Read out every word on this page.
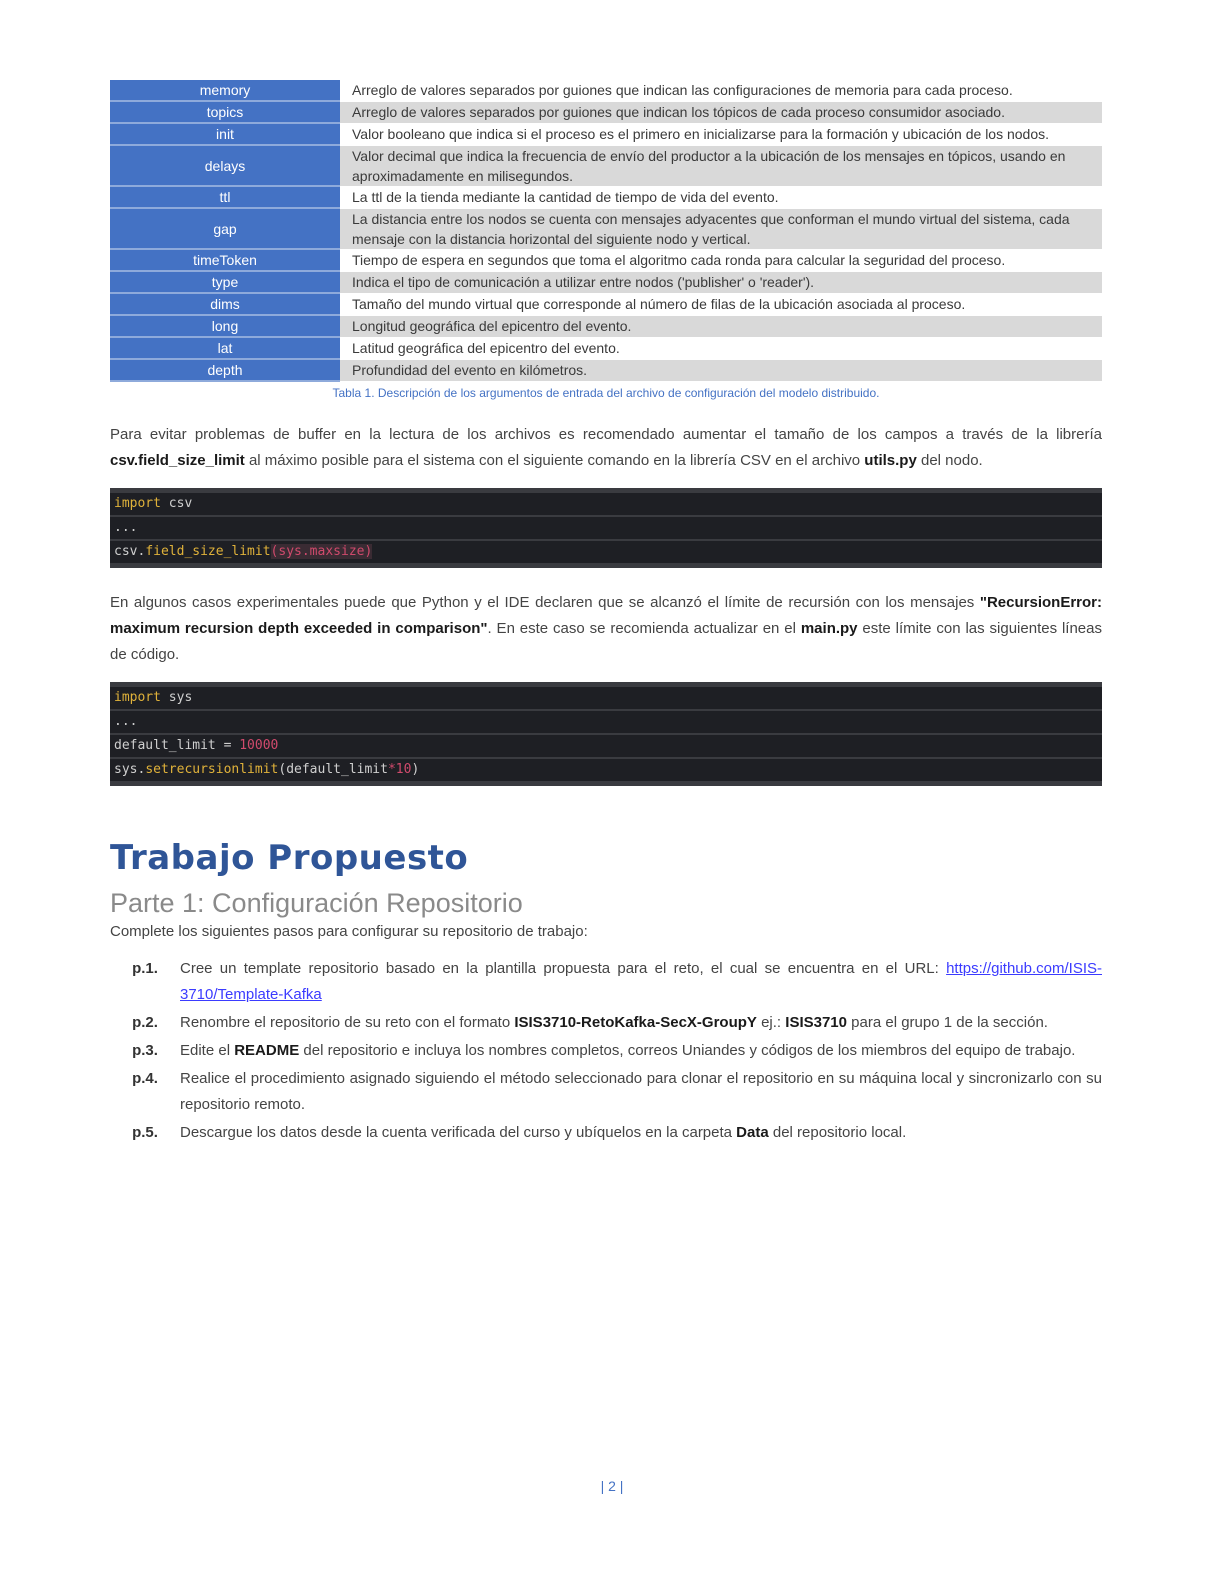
memory	Arreglo de valores separados por guiones que indican las configuraciones de memoria para cada proceso.
topics	Arreglo de valores separados por guiones que indican los tópicos de cada proceso consumidor asociado.
init	Valor booleano que indica si el proceso es el primero en inicializarse para la formación y ubicación de los nodos.
delays	Valor decimal que indica la frecuencia de envío del productor a la ubicación de los mensajes en tópicos, usando en aproximadamente en milisegundos.
ttl	La ttl de la tienda mediante la cantidad de tiempo de vida del evento.
gap	La distancia entre los nodos se cuenta con mensajes adyacentes que conforman el mundo virtual del sistema, cada mensaje con la distancia horizontal del siguiente nodo y vertical.
timeToken	Tiempo de espera en segundos que toma el algoritmo cada ronda para calcular la seguridad del proceso.
type	Indica el tipo de comunicación a utilizar entre nodos ('publisher' o 'reader').
dims	Tamaño del mundo virtual que corresponde al número de filas de la ubicación asociada al proceso.
long	Longitud geográfica del epicentro del evento.
lat	Latitud geográfica del epicentro del evento.
depth	Profundidad del evento en kilómetros.
Tabla 1. Descripción de los argumentos de entrada del archivo de configuración del modelo distribuido.

Para evitar problemas de buffer en la lectura de los archivos es recomendado aumentar el tamaño de los campos a través de la librería csv.field_size_limit al máximo posible para el sistema con el siguiente comando en la librería CSV en el archivo utils.py del nodo.

import csv
...
csv.field_size_limit(sys.maxsize)

En algunos casos experimentales puede que Python y el IDE declaren que se alcanzó el límite de recursión con los mensajes "RecursionError: maximum recursion depth exceeded in comparison". En este caso se recomienda actualizar en el main.py este límite con las siguientes líneas de código.

import sys
...
default_limit = 10000
sys.setrecursionlimit(default_limit*10)
Trabajo Propuesto
Parte 1: Configuración Repositorio

Complete los siguientes pasos para configurar su repositorio de trabajo:

p.1.	Cree un template repositorio basado en la plantilla propuesta para el reto, el cual se encuentra en el URL: https://github.com/ISIS-3710/Template-Kafka
p.2.	Renombre el repositorio de su reto con el formato ISIS3710-RetoKafka-SecX-GroupY ej.: ISIS3710 para el grupo 1 de la sección.
p.3.	Edite el README del repositorio e incluya los nombres completos, correos Uniandes y códigos de los miembros del equipo de trabajo.
p.4.	Realice el procedimiento asignado siguiendo el método seleccionado para clonar el repositorio en su máquina local y sincronizarlo con su repositorio remoto.
p.5.	Descargue los datos desde la cuenta verificada del curso y ubíquelos en la carpeta Data del repositorio local.
| 2 |
